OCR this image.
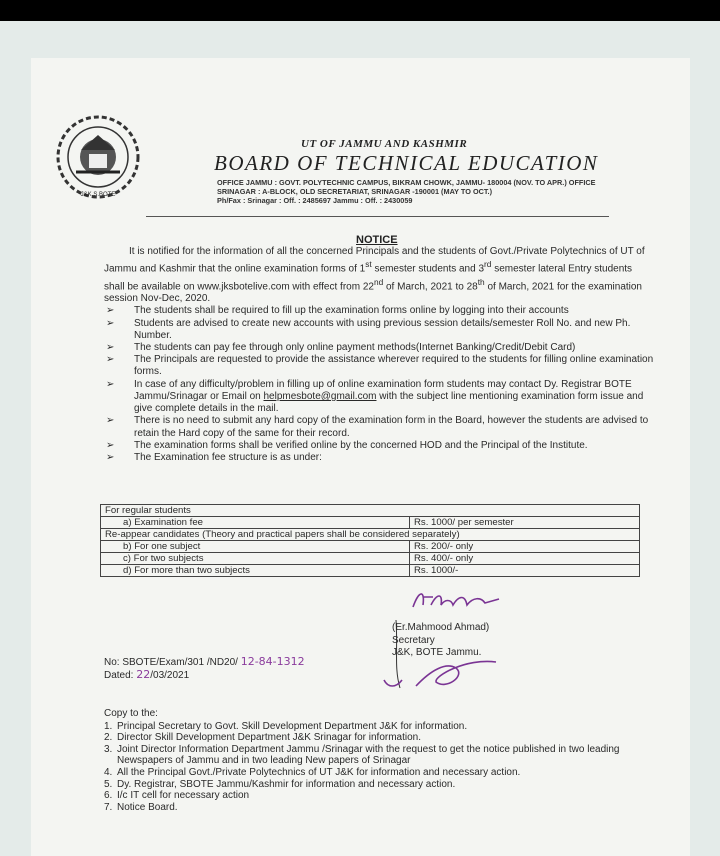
J&K S.BOTE
UT OF JAMMU AND KASHMIR
BOARD OF TECHNICAL EDUCATION
OFFICE JAMMU : GOVT. POLYTECHNIC CAMPUS, BIKRAM CHOWK, JAMMU- 180004 (NOV. TO APR.) OFFICE
SRINAGAR : A-BLOCK, OLD SECRETARIAT, SRINAGAR -190001 (MAY TO OCT.)
Ph/Fax : Srinagar : Off. : 2485697 Jammu : Off. : 2430059
NOTICE

It is notified for the information of all the concerned Principals and the students of Govt./Private Polytechnics of UT of Jammu and Kashmir that the online examination forms of 1st semester students and 3rd semester lateral Entry students shall be available on www.jksbotelive.com with effect from 22nd of March, 2021 to 28th of March, 2021 for the examination session Nov-Dec, 2020.

➢ The students shall be required to fill up the examination forms online by logging into their accounts
➢ Students are advised to create new accounts with using previous session details/semester Roll No. and new Ph. Number.
➢ The students can pay fee through only online payment methods(Internet Banking/Credit/Debit Card)
➢ The Principals are requested to provide the assistance wherever required to the students for filling online examination forms.
➢ In case of any difficulty/problem in filling up of online examination form students may contact Dy. Registrar BOTE Jammu/Srinagar or Email on helpmesbote@gmail.com with the subject line mentioning examination form issue and give complete details in the mail.
➢ There is no need to submit any hard copy of the examination form in the Board, however the students are advised to retain the Hard copy of the same for their record.
➢ The examination forms shall be verified online by the concerned HOD and the Principal of the Institute.
➢ The Examination fee structure is as under:
For regular students	
a) Examination fee	Rs. 1000/ per semester
Re-appear candidates (Theory and practical papers shall be considered separately)	
b) For one subject	Rs. 200/- only
c) For two subjects	Rs. 400/- only
d) For more than two subjects	Rs. 1000/-
(Er.Mahmood Ahmad)
Secretary
J&K, BOTE Jammu.
No: SBOTE/Exam/301 /ND20/ 12-84-1312
Dated: 22/03/2021
Copy to the:
1. Principal Secretary to Govt. Skill Development Department J&K for information.
2. Director Skill Development Department J&K Srinagar for information.
3. Joint Director Information Department Jammu /Srinagar with the request to get the notice published in two leading Newspapers of Jammu and in two leading New papers of Srinagar
4. All the Principal Govt./Private Polytechnics of UT J&K for information and necessary action.
5. Dy. Registrar, SBOTE Jammu/Kashmir for information and necessary action.
6. I/c IT cell for necessary action
7. Notice Board.
